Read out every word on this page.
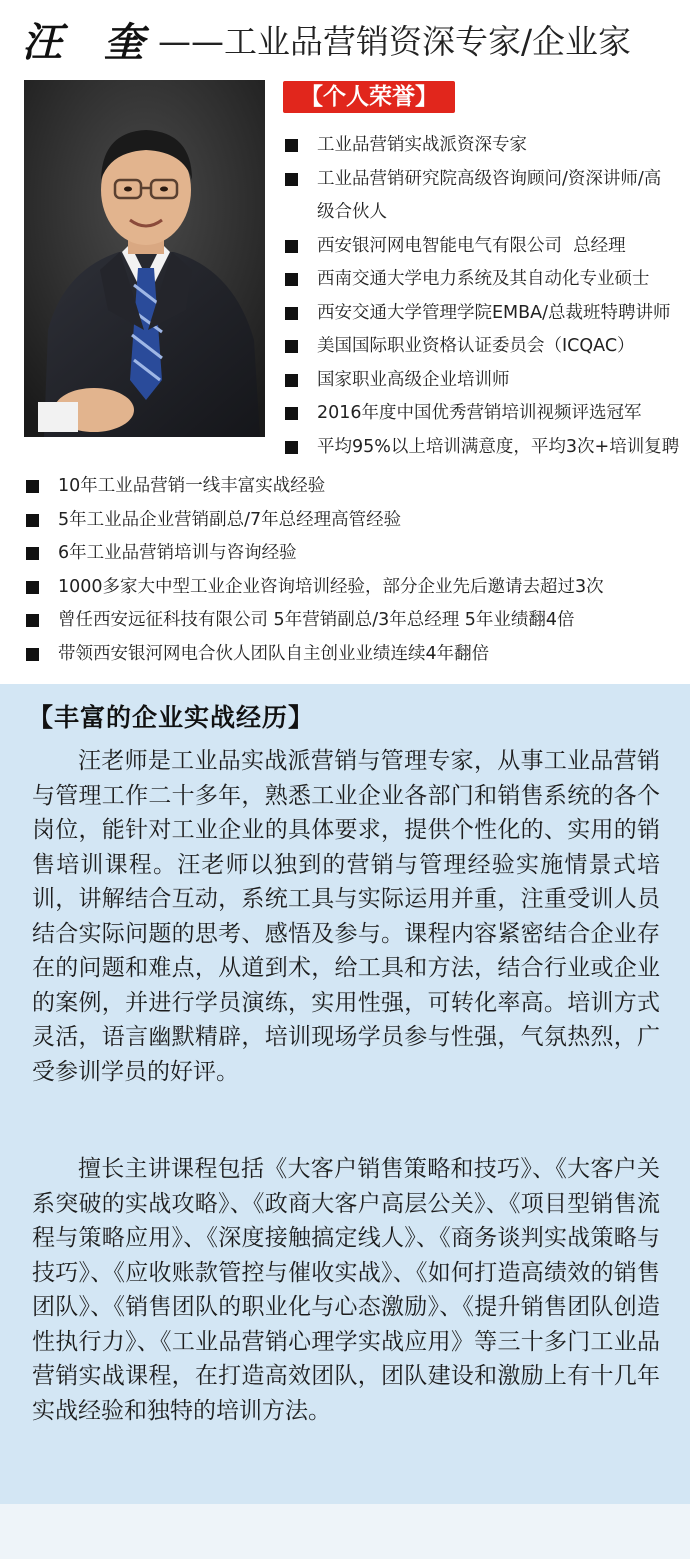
汪 奎 ——工业品营销资深专家/企业家
【个人荣誉】
工业品营销实战派资深专家
工业品营销研究院高级咨询顾问/资深讲师/高级合伙人
西安银河网电智能电气有限公司  总经理
西南交通大学电力系统及其自动化专业硕士
西安交通大学管理学院EMBA/总裁班特聘讲师
美国国际职业资格认证委员会（ICQAC）
国家职业高级企业培训师
2016年度中国优秀营销培训视频评选冠军
平均95%以上培训满意度，平均3次+培训复聘
10年工业品营销一线丰富实战经验
5年工业品企业营销副总/7年总经理高管经验
6年工业品营销培训与咨询经验
1000多家大中型工业企业咨询培训经验，部分企业先后邀请去超过3次
曾任西安远征科技有限公司 5年营销副总/3年总经理 5年业绩翻4倍
带领西安银河网电合伙人团队自主创业业绩连续4年翻倍
【丰富的企业实战经历】

汪老师是工业品实战派营销与管理专家，从事工业品营销与管理工作二十多年，熟悉工业企业各部门和销售系统的各个岗位，能针对工业企业的具体要求，提供个性化的、实用的销售培训课程。汪老师以独到的营销与管理经验实施情景式培训，讲解结合互动，系统工具与实际运用并重，注重受训人员结合实际问题的思考、感悟及参与。课程内容紧密结合企业存在的问题和难点，从道到术，给工具和方法，结合行业或企业的案例，并进行学员演练，实用性强，可转化率高。培训方式灵活，语言幽默精辟，培训现场学员参与性强，气氛热烈，广受参训学员的好评。

擅长主讲课程包括《大客户销售策略和技巧》、《大客户关系突破的实战攻略》、《政商大客户高层公关》、《项目型销售流程与策略应用》、《深度接触搞定线人》、《商务谈判实战策略与技巧》、《应收账款管控与催收实战》、《如何打造高绩效的销售团队》、《销售团队的职业化与心态激励》、《提升销售团队创造性执行力》、《工业品营销心理学实战应用》等三十多门工业品营销实战课程，在打造高效团队，团队建设和激励上有十几年实战经验和独特的培训方法。
